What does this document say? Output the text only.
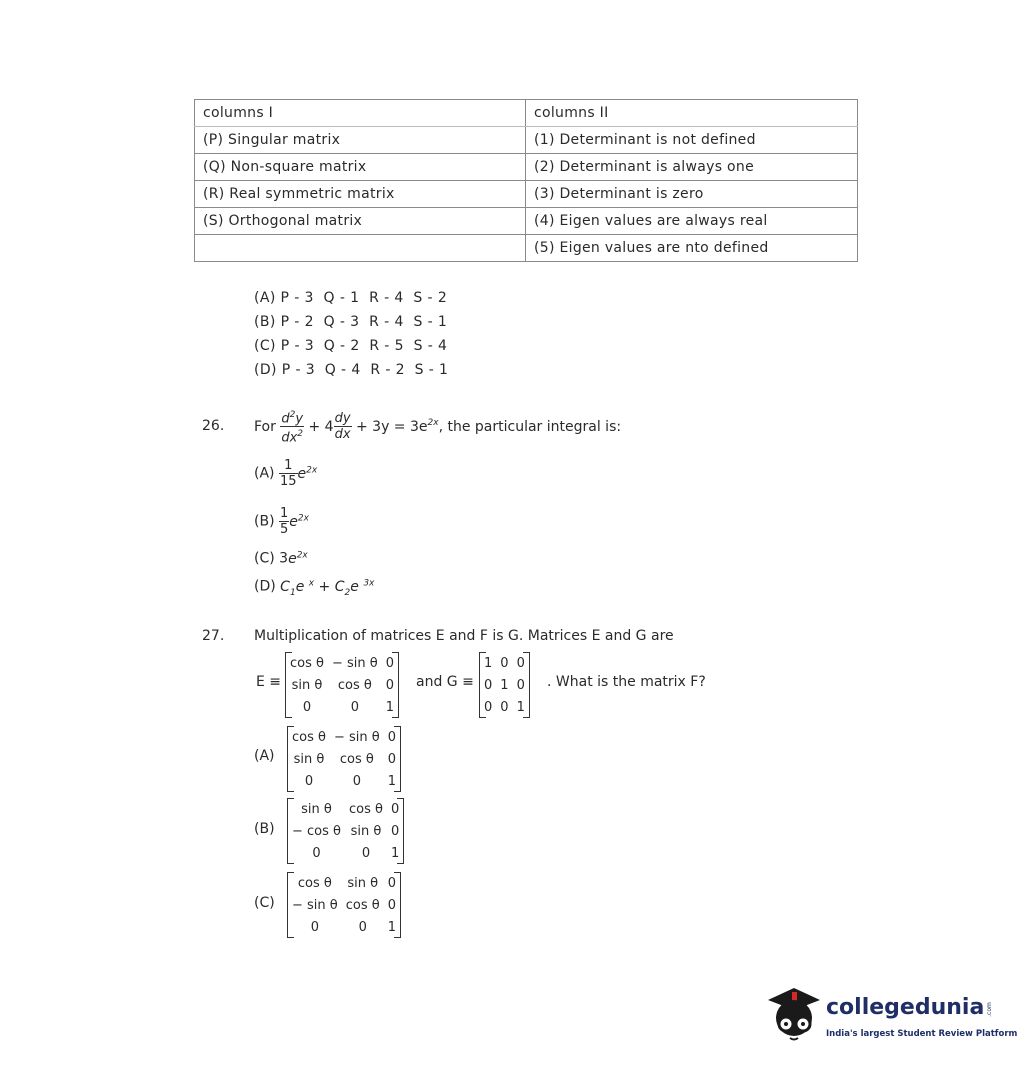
columns I	columns II
(P) Singular matrix	(1) Determinant is not defined
(Q) Non-square matrix	(2) Determinant is always one
(R) Real symmetric matrix	(3) Determinant is zero
(S) Orthogonal matrix	(4) Eigen values are always real
	(5) Eigen values are nto defined
(A) P - 3  Q - 1  R - 4  S - 2
(B) P - 2  Q - 3  R - 4  S - 1
(C) P - 3  Q - 2  R - 5  S - 4
(D) P - 3  Q - 4  R - 2  S - 1
26. For $\frac{d^2y}{dx^2} + 4 \frac{dy}{dx} + 3y = 3e^{2x}$, the particular integral is:
$(A) \frac{1}{15} e^{2x}$
$(B) \frac{1}{5} e^{2x}$
(C) $3e^{2x}$
(D) $C_1e$ $^x + C_2e$ $^{3x}$
27. Multiplication of matrices E and F is G. Matrices E and G are
E ≡
cos θ	− sin θ	0
sin θ	cos θ	0
0	0	1
and G ≡
1	0	0
0	1	0
0	0	1
. What is the matrix F?
(A)
cos θ	− sin θ	0
sin θ	cos θ	0
0	0	1
(B)
sin θ	cos θ	0
− cos θ	sin θ	0
0	0	1
(C)
cos θ	sin θ	0
− sin θ	cos θ	0
0	0	1
collegedunia .com
India's largest Student Review Platform
